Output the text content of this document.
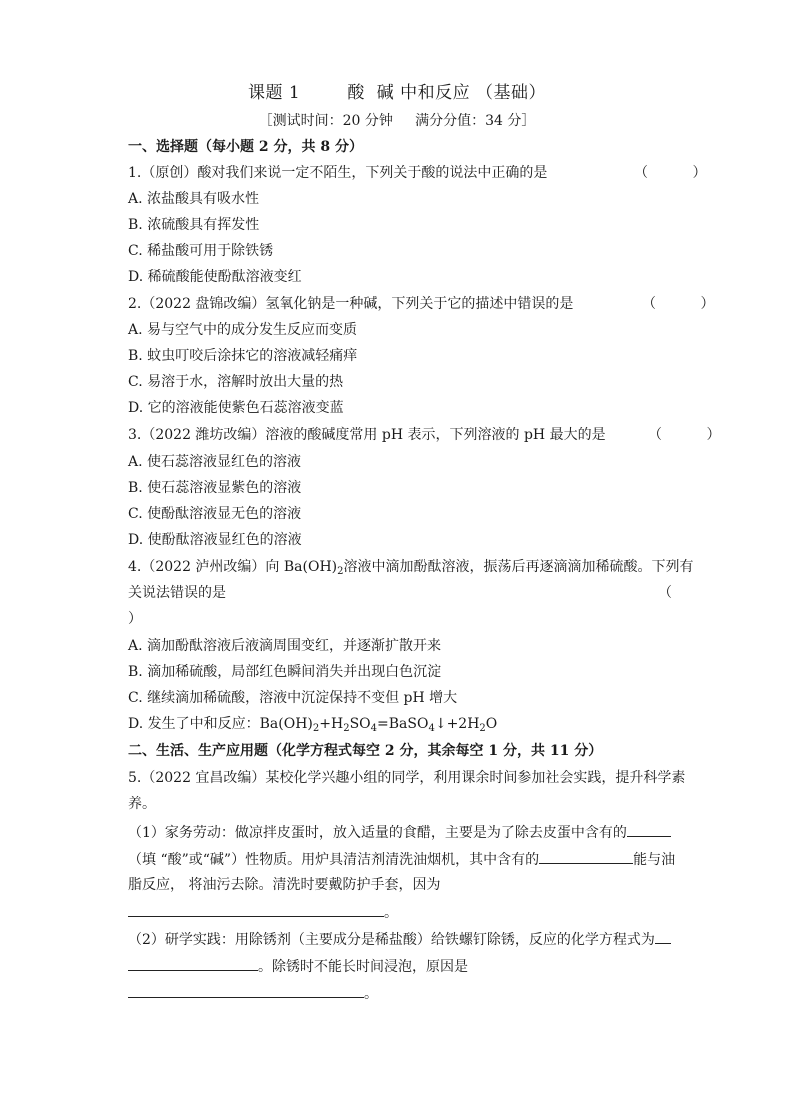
课题 1        酸  碱 中和反应 （基础）
［测试时间：20 分钟     满分分值：34 分］
一、选择题（每小题 2 分，共 8 分）
1.（原创）酸对我们来说一定不陌生，下列关于酸的说法中正确的是	（          ）
A. 浓盐酸具有吸水性
B. 浓硫酸具有挥发性
C. 稀盐酸可用于除铁锈
D. 稀硫酸能使酚酞溶液变红
2.（2022 盘锦改编）氢氧化钠是一种碱，下列关于它的描述中错误的是	（          ）
A. 易与空气中的成分发生反应而变质
B. 蚊虫叮咬后涂抹它的溶液减轻痛痒
C. 易溶于水，溶解时放出大量的热
D. 它的溶液能使紫色石蕊溶液变蓝
3.（2022 潍坊改编）溶液的酸碱度常用 pH 表示，下列溶液的 pH 最大的是	（          ）
A. 使石蕊溶液显红色的溶液
B. 使石蕊溶液显紫色的溶液
C. 使酚酞溶液显无色的溶液
D. 使酚酞溶液显红色的溶液
4.（2022 泸州改编）向 $Ba(OH)_2$溶液中滴加酚酞溶液，振荡后再逐滴滴加稀硫酸。下列有
关说法错误的是	（
）
A. 滴加酚酞溶液后液滴周围变红，并逐渐扩散开来
B. 滴加稀硫酸，局部红色瞬间消失并出现白色沉淀
C. 继续滴加稀硫酸，溶液中沉淀保持不变但 pH 增大
D. 发生了中和反应：$Ba(OH)_2+H_2SO_4=BaSO_4↓+2H_2O$
二、生活、生产应用题（化学方程式每空 2 分，其余每空 1 分，共 11 分）
5.（2022 宜昌改编）某校化学兴趣小组的同学，利用课余时间参加社会实践，提升科学素
养。
（1）家务劳动：做凉拌皮蛋时，放入适量的食醋，主要是为了除去皮蛋中含有的
（填 “酸”或“碱”）性物质。用炉具清洁剂清洗油烟机，其中含有的	能与油
脂反应， 将油污去除。清洗时要戴防护手套，因为
。
（2）研学实践：用除锈剂（主要成分是稀盐酸）给铁螺钉除锈，反应的化学方程式为
。除锈时不能长时间浸泡，原因是
。
